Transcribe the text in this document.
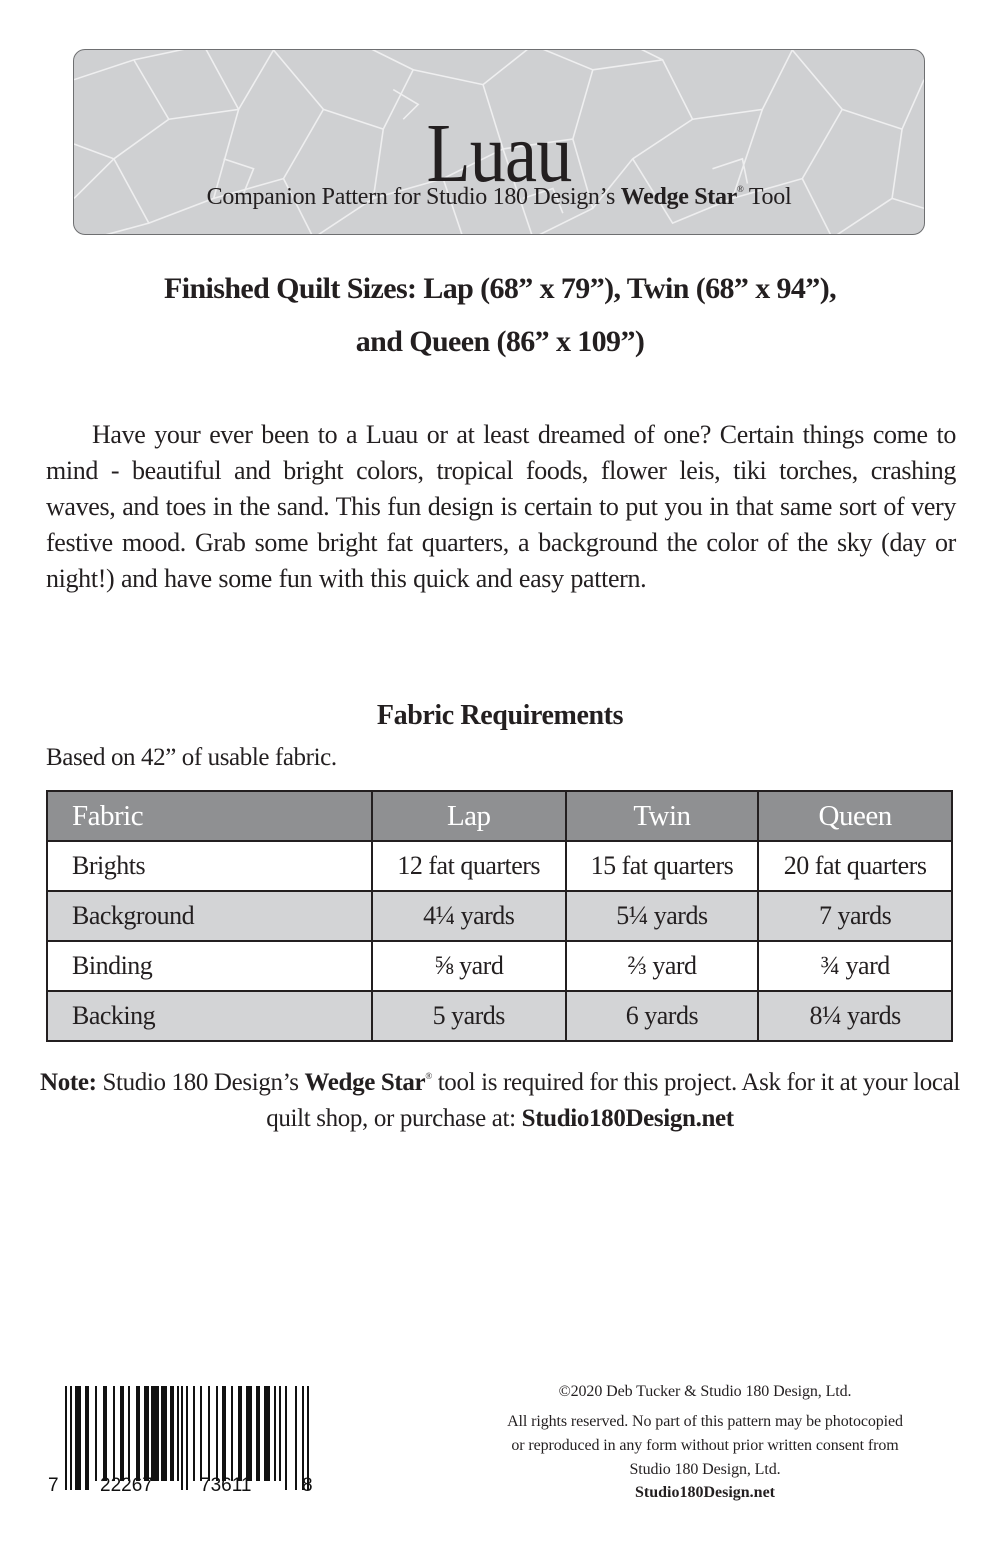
Luau
Companion Pattern for Studio 180 Design’s Wedge Star® Tool
Finished Quilt Sizes: Lap (68” x 79”), Twin (68” x 94”),
and Queen (86” x 109”)

Have your ever been to a Luau or at least dreamed of one? Certain things come to mind - beautiful and bright colors, tropical foods, flower leis, tiki torches, crashing waves, and toes in the sand. This fun design is certain to put you in that same sort of very festive mood. Grab some bright fat quarters, a background the color of the sky (day or night!) and have some fun with this quick and easy pattern.

Fabric Requirements
Based on 42” of usable fabric.
Fabric	Lap	Twin	Queen
Brights	12 fat quarters	15 fat quarters	20 fat quarters
Background	4¼ yards	5¼ yards	7 yards
Binding	⅝ yard	⅔ yard	¾ yard
Backing	5 yards	6 yards	8¼ yards
Note: Studio 180 Design’s Wedge Star® tool is required for this project. Ask for it at your local quilt shop, or purchase at: Studio180Design.net
7 22267 73611	8
©2020 Deb Tucker & Studio 180 Design, Ltd.
All rights reserved. No part of this pattern may be photocopied
or reproduced in any form without prior written consent from
Studio 180 Design, Ltd.
Studio180Design.net
